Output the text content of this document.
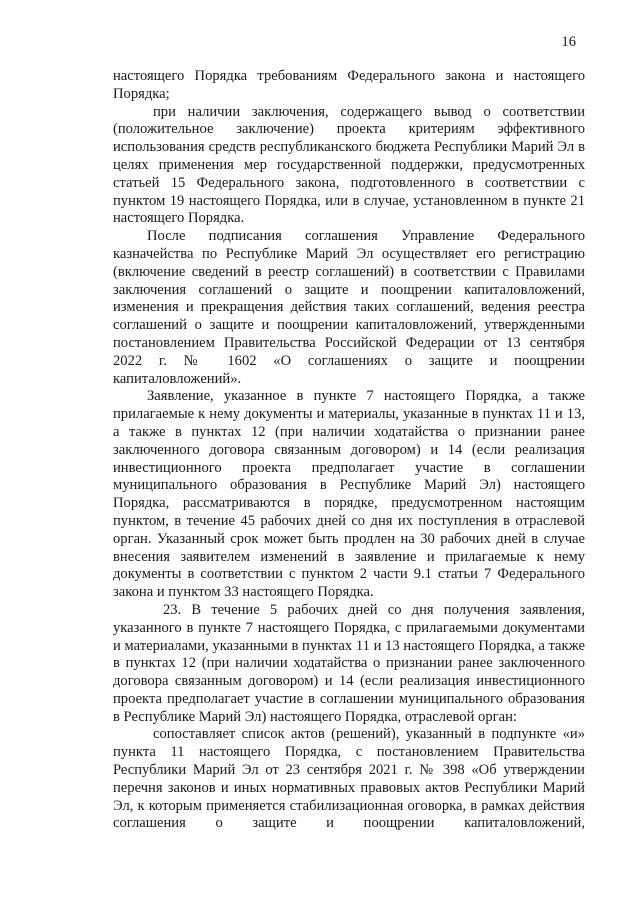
16

настоящего Порядка требованиям Федерального закона и настоящего Порядка;

при наличии заключения, содержащего вывод о соответствии (положительное заключение) проекта критериям эффективного использования средств республиканского бюджета Республики Марий Эл в целях применения мер государственной поддержки, предусмотренных статьей 15 Федерального закона, подготовленного в соответствии с пунктом 19 настоящего Порядка, или в случае, установленном в пункте 21 настоящего Порядка.

После подписания соглашения Управление Федерального казначейства по Республике Марий Эл осуществляет его регистрацию (включение сведений в реестр соглашений) в соответствии с Правилами заключения соглашений о защите и поощрении капиталовложений, изменения и прекращения действия таких соглашений, ведения реестра соглашений о защите и поощрении капиталовложений, утвержденными постановлением Правительства Российской Федерации от 13 сентября 2022 г. № 1602 «О соглашениях о защите и поощрении капиталовложений».

Заявление, указанное в пункте 7 настоящего Порядка, а также прилагаемые к нему документы и материалы, указанные в пунктах 11 и 13, а также в пунктах 12 (при наличии ходатайства о признании ранее заключенного договора связанным договором) и 14 (если реализация инвестиционного проекта предполагает участие в соглашении муниципального образования в Республике Марий Эл) настоящего Порядка, рассматриваются в порядке, предусмотренном настоящим пунктом, в течение 45 рабочих дней со дня их поступления в отраслевой орган. Указанный срок может быть продлен на 30 рабочих дней в случае внесения заявителем изменений в заявление и прилагаемые к нему документы в соответствии с пунктом 2 части 9.1 статьи 7 Федерального закона и пунктом 33 настоящего Порядка.

23. В течение 5 рабочих дней со дня получения заявления, указанного в пункте 7 настоящего Порядка, с прилагаемыми документами и материалами, указанными в пунктах 11 и 13 настоящего Порядка, а также в пунктах 12 (при наличии ходатайства о признании ранее заключенного договора связанным договором) и 14 (если реализация инвестиционного проекта предполагает участие в соглашении муниципального образования в Республике Марий Эл) настоящего Порядка, отраслевой орган:

сопоставляет список актов (решений), указанный в подпункте «и» пункта 11 настоящего Порядка, с постановлением Правительства Республики Марий Эл от 23 сентября 2021 г. № 398 «Об утверждении перечня законов и иных нормативных правовых актов Республики Марий Эл, к которым применяется стабилизационная оговорка, в рамках действия соглашения о защите и поощрении капиталовложений,
